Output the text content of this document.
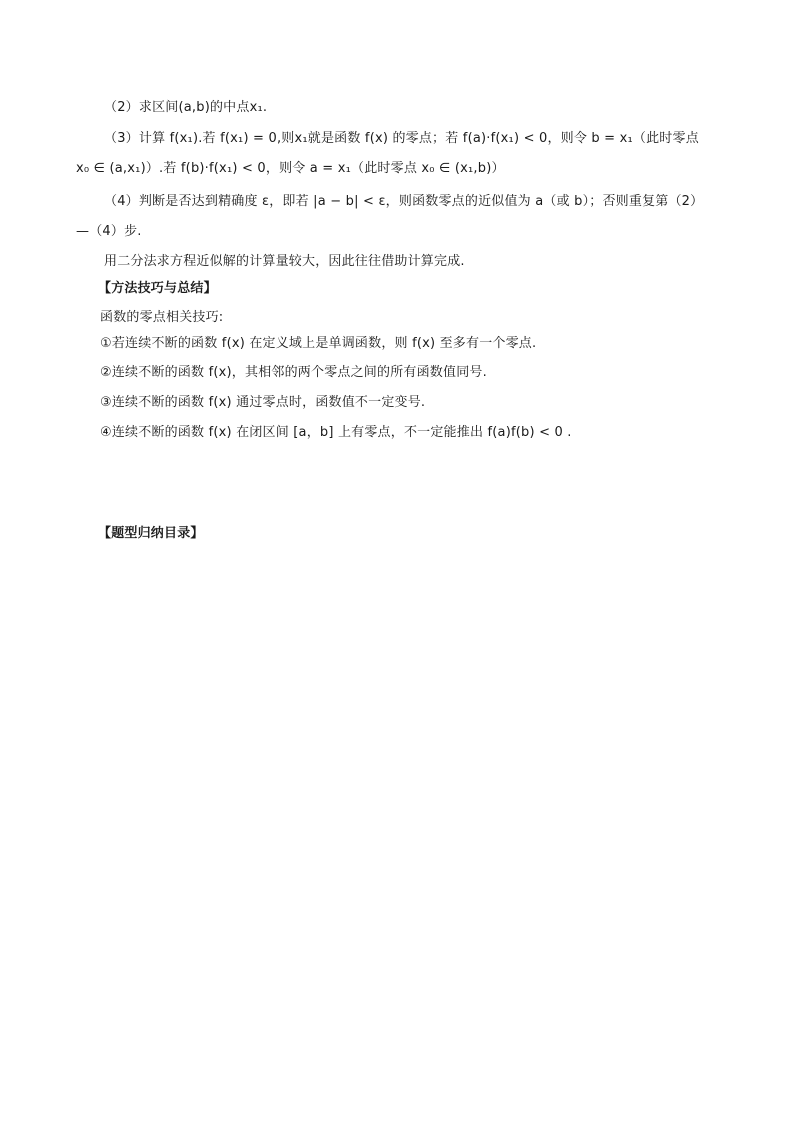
（2）求区间(a,b)的中点x₁.
（3）计算 f(x₁).若 f(x₁) = 0,则x₁就是函数 f(x) 的零点；若 f(a)·f(x₁) < 0，则令 b = x₁（此时零点
x₀ ∈ (a,x₁)）.若 f(b)·f(x₁) < 0，则令 a = x₁（此时零点 x₀ ∈ (x₁,b)）
（4）判断是否达到精确度 ε，即若 |a − b| < ε，则函数零点的近似值为 a（或 b）；否则重复第（2）
—（4）步.
用二分法求方程近似解的计算量较大，因此往往借助计算完成.
【方法技巧与总结】
函数的零点相关技巧:
①若连续不断的函数 f(x) 在定义域上是单调函数，则 f(x) 至多有一个零点.
②连续不断的函数 f(x)，其相邻的两个零点之间的所有函数值同号.
③连续不断的函数 f(x) 通过零点时，函数值不一定变号.
④连续不断的函数 f(x) 在闭区间 [a，b] 上有零点，不一定能推出 f(a)f(b) < 0 .
【题型归纳目录】
